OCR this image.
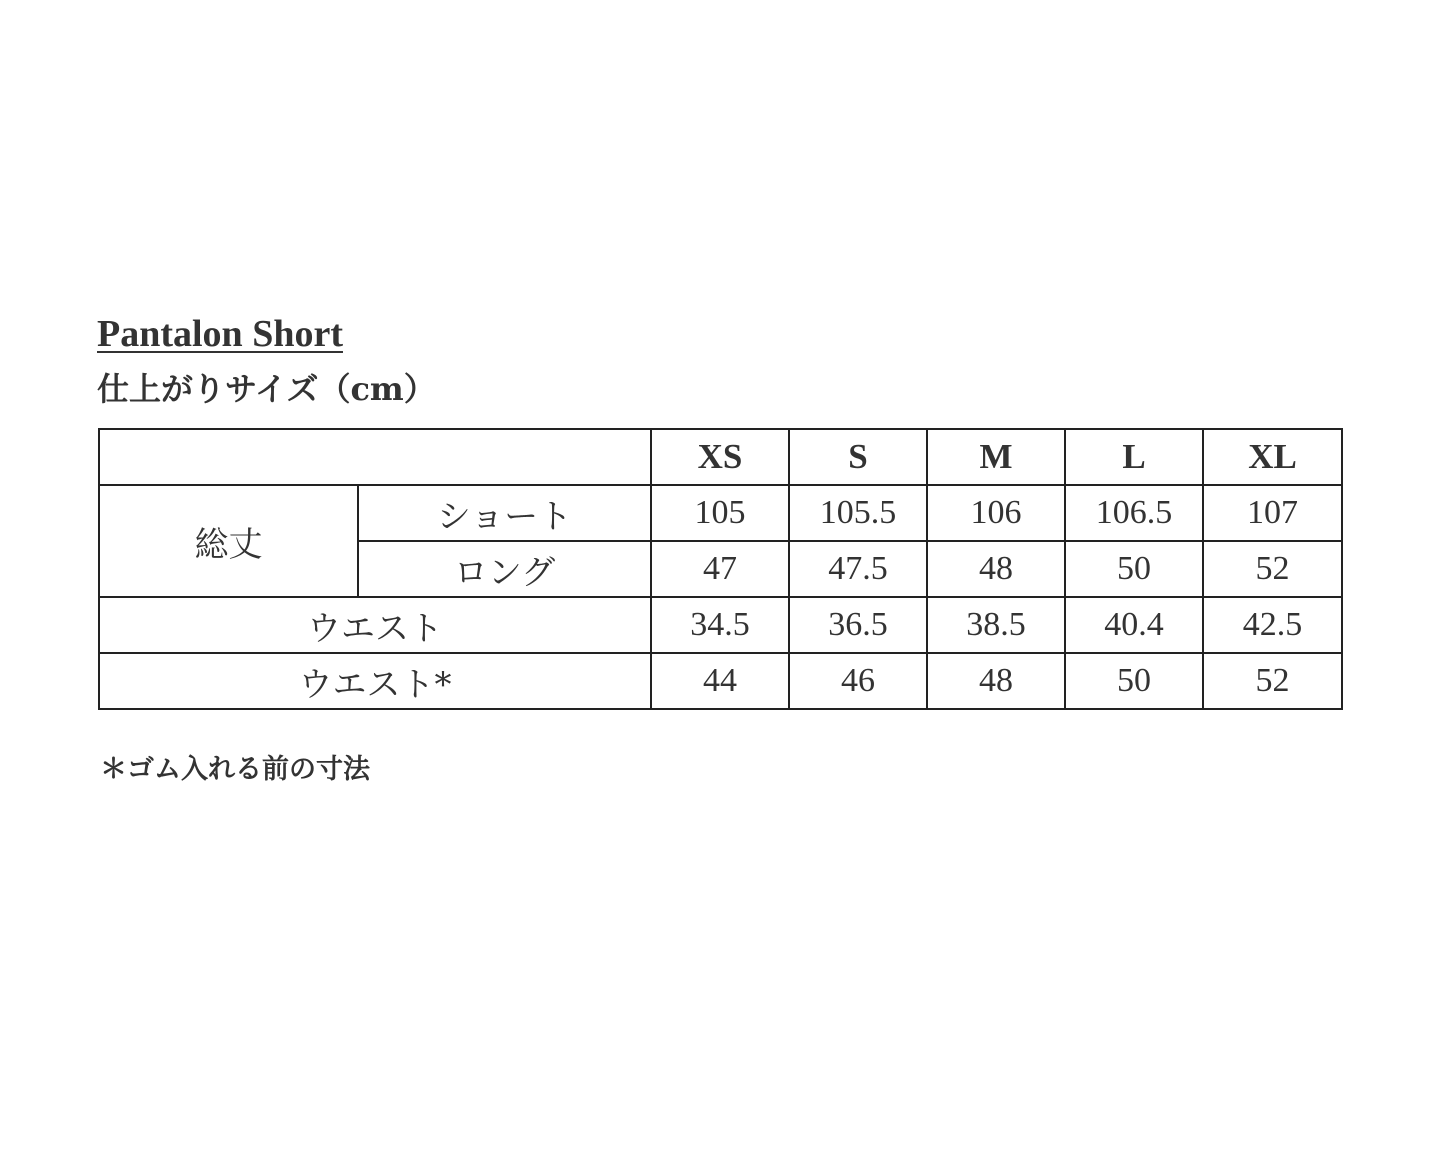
Pantalon Short
仕上がりサイズ（cm）
		XS	S	M	L	XL
総丈	ショート	105	105.5	106	106.5	107
	ロング	47	47.5	48	50	52
ウエスト		34.5	36.5	38.5	40.4	42.5
ウエスト*		44	46	48	50	52

＊ゴム入れる前の寸法
